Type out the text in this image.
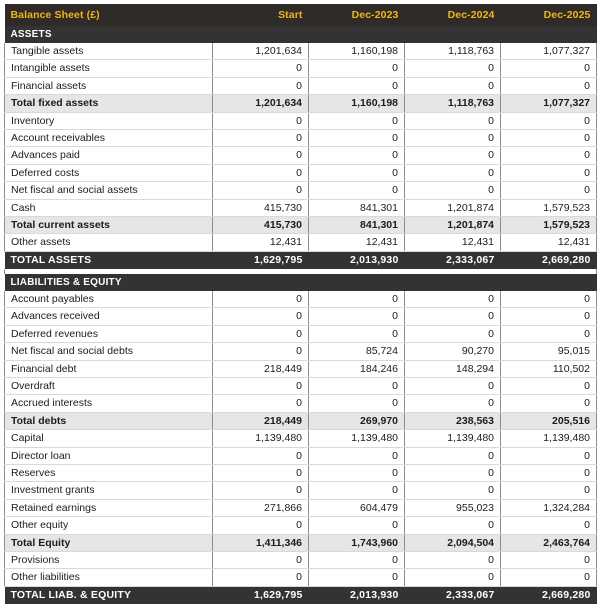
Balance Sheet (£)	Start	Dec-2023	Dec-2024	Dec-2025
ASSETS				
Tangible assets	1,201,634	1,160,198	1,118,763	1,077,327
Intangible assets	0	0	0	0
Financial assets	0	0	0	0
Total fixed assets	1,201,634	1,160,198	1,118,763	1,077,327
Inventory	0	0	0	0
Account receivables	0	0	0	0
Advances paid	0	0	0	0
Deferred costs	0	0	0	0
Net fiscal and social assets	0	0	0	0
Cash	415,730	841,301	1,201,874	1,579,523
Total current assets	415,730	841,301	1,201,874	1,579,523
Other assets	12,431	12,431	12,431	12,431
TOTAL ASSETS	1,629,795	2,013,930	2,333,067	2,669,280

LIABILITIES & EQUITY				
Account payables	0	0	0	0
Advances received	0	0	0	0
Deferred revenues	0	0	0	0
Net fiscal and social debts	0	85,724	90,270	95,015
Financial debt	218,449	184,246	148,294	110,502
Overdraft	0	0	0	0
Accrued interests	0	0	0	0
Total debts	218,449	269,970	238,563	205,516
Capital	1,139,480	1,139,480	1,139,480	1,139,480
Director loan	0	0	0	0
Reserves	0	0	0	0
Investment grants	0	0	0	0
Retained earnings	271,866	604,479	955,023	1,324,284
Other equity	0	0	0	0
Total Equity	1,411,346	1,743,960	2,094,504	2,463,764
Provisions	0	0	0	0
Other liabilities	0	0	0	0
TOTAL LIAB. & EQUITY	1,629,795	2,013,930	2,333,067	2,669,280
